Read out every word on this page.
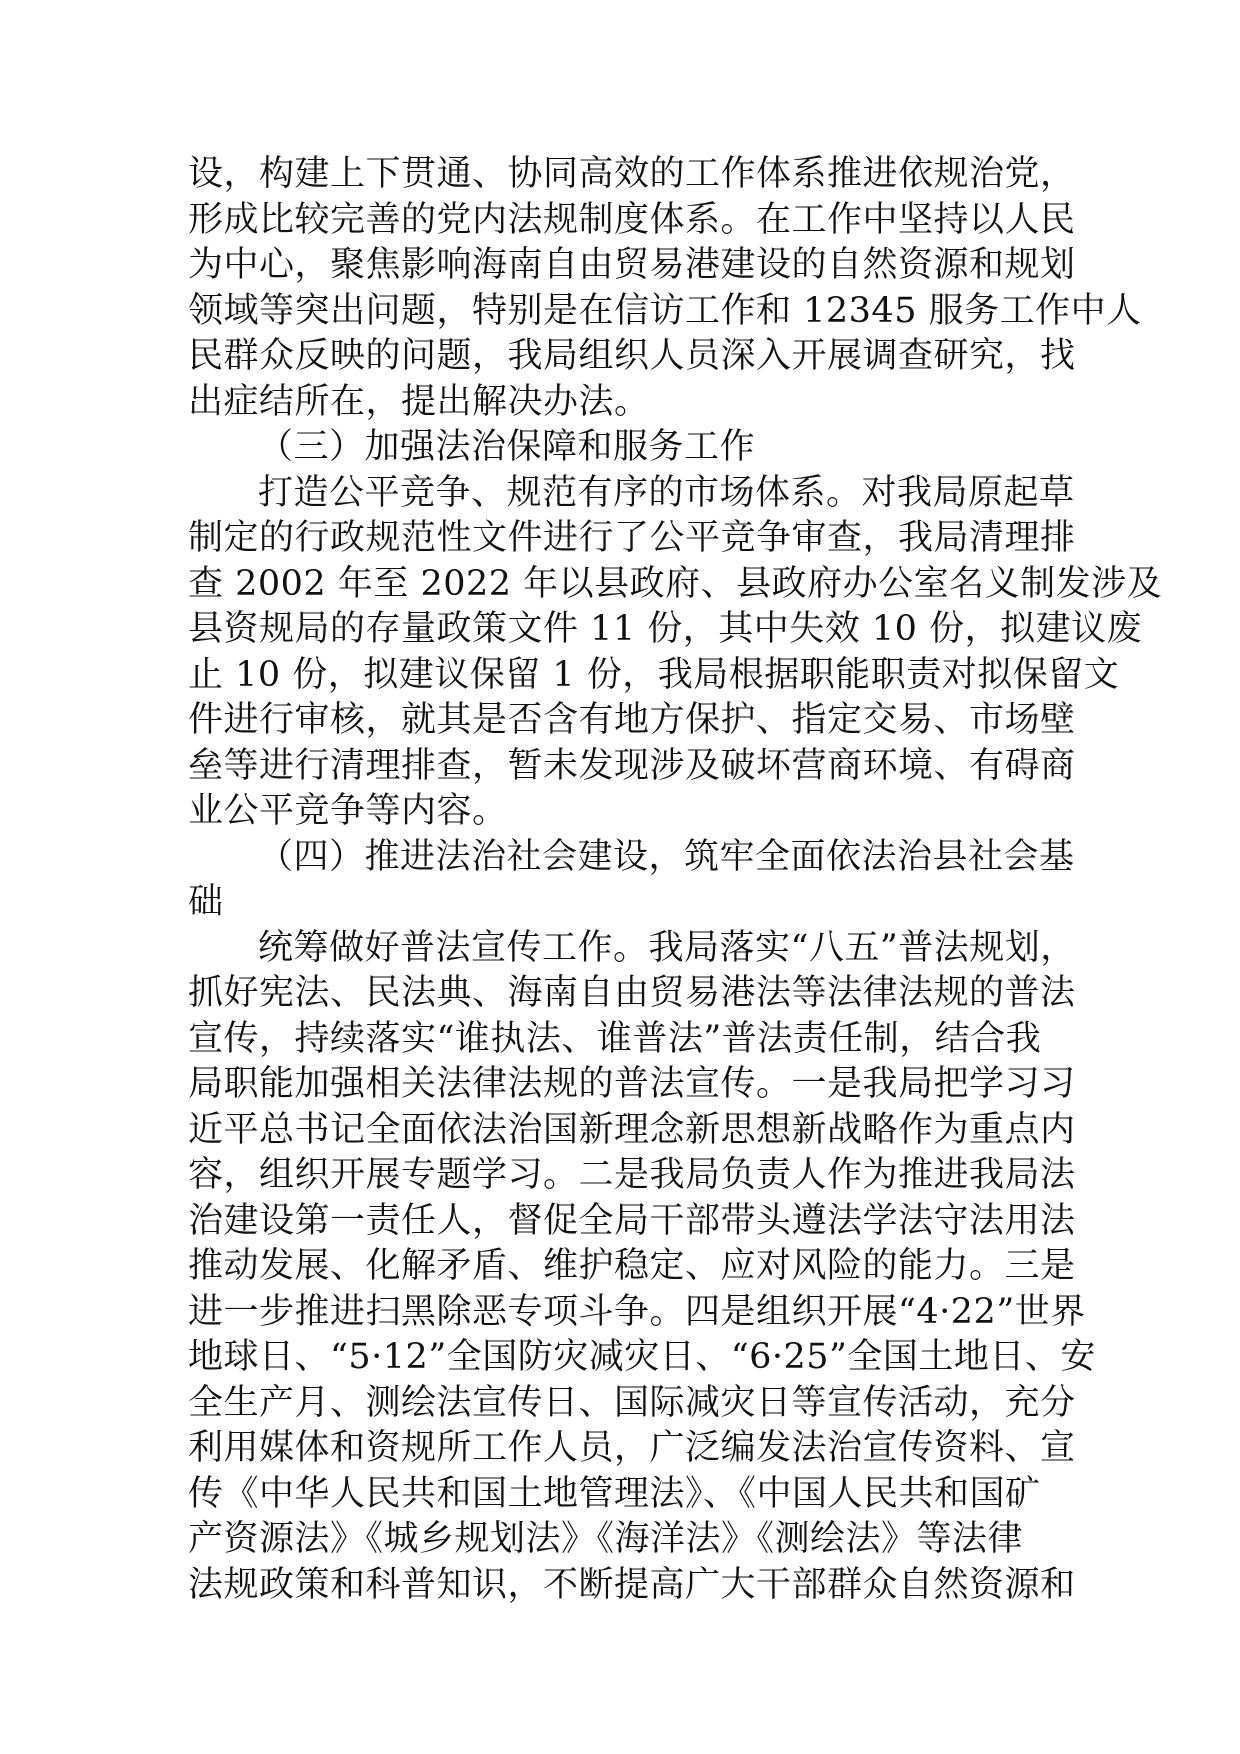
设，构建上下贯通、协同高效的工作体系推进依规治党，
形成比较完善的党内法规制度体系。在工作中坚持以人民
为中心，聚焦影响海南自由贸易港建设的自然资源和规划
领域等突出问题，特别是在信访工作和 12345 服务工作中人
民群众反映的问题，我局组织人员深入开展调查研究，找
出症结所在，提出解决办法。
（三）加强法治保障和服务工作
打造公平竞争、规范有序的市场体系。对我局原起草
制定的行政规范性文件进行了公平竞争审查，我局清理排
查 2002 年至 2022 年以县政府、县政府办公室名义制发涉及
县资规局的存量政策文件 11 份，其中失效 10 份，拟建议废
止 10 份，拟建议保留 1 份，我局根据职能职责对拟保留文
件进行审核，就其是否含有地方保护、指定交易、市场壁
垒等进行清理排查，暂未发现涉及破坏营商环境、有碍商
业公平竞争等内容。
（四）推进法治社会建设，筑牢全面依法治县社会基
础
统筹做好普法宣传工作。我局落实“八五”普法规划，
抓好宪法、民法典、海南自由贸易港法等法律法规的普法
宣传，持续落实“谁执法、谁普法”普法责任制，结合我
局职能加强相关法律法规的普法宣传。一是我局把学习习
近平总书记全面依法治国新理念新思想新战略作为重点内
容，组织开展专题学习。二是我局负责人作为推进我局法
治建设第一责任人，督促全局干部带头遵法学法守法用法
推动发展、化解矛盾、维护稳定、应对风险的能力。三是
进一步推进扫黑除恶专项斗争。四是组织开展“4·22”世界
地球日、“5·12”全国防灾减灾日、“6·25”全国土地日、安
全生产月、测绘法宣传日、国际减灾日等宣传活动，充分
利用媒体和资规所工作人员，广泛编发法治宣传资料、宣
传《中华人民共和国土地管理法》、《中国人民共和国矿
产资源法》《城乡规划法》《海洋法》《测绘法》等法律
法规政策和科普知识，不断提高广大干部群众自然资源和
